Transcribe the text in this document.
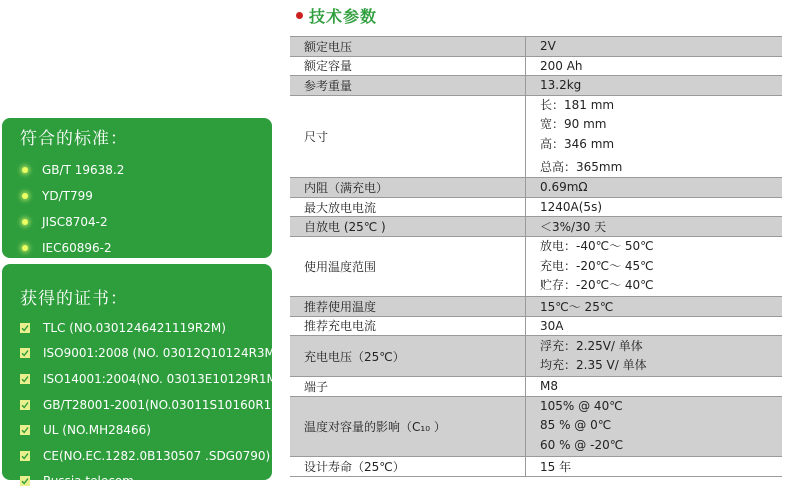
符合的标准：
GB/T 19638.2
YD/T799
JISC8704-2
IEC60896-2
获得的证书：
TLC (NO.0301246421119R2M)
ISO9001:2008 (NO. 03012Q10124R3M)
ISO14001:2004(NO. 03013E10129R1M)
GB/T28001-2001(NO.03011S10160R1M)
UL (NO.MH28466)
CE(NO.EC.1282.0B130507 .SDG0790)
Russia telecom
技术参数
额定电压	2V
额定容量	200 Ah
参考重量	13.2kg
尺寸	长：181 mm
宽：90 mm
高：346 mm
总高：365mm

内阻（满充电）	0.69mΩ
最大放电电流	1240A(5s)
自放电 (25℃ )	＜3%/30 天
使用温度范围	放电：-40℃～ 50℃
充电：-20℃～ 45℃
贮存：-20℃～ 40℃

推荐使用温度	15℃～ 25℃
推荐充电电流	30A
充电电压（25℃）	浮充：2.25V/ 单体
均充：2.35 V/ 单体

端子	M8
温度对容量的影响（C₁₀ ）	105% @ 40℃
85 % @ 0℃
60 % @ -20℃

设计寿命（25℃）	15 年
